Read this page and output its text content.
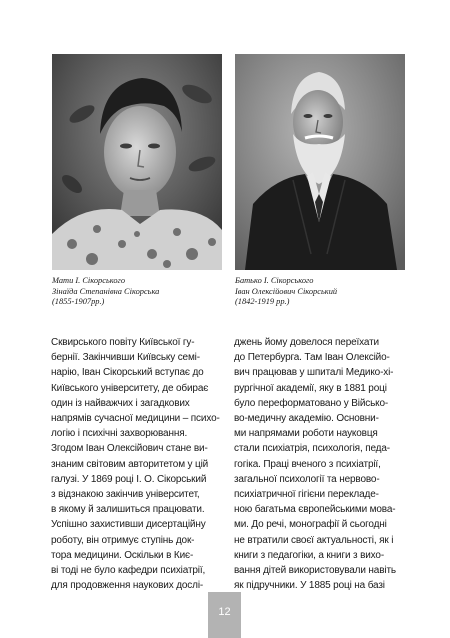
Мати І. Сікорського
Зінаїда Степанівна Сікорська
(1855-1907рр.)
Батько І. Сікорського
Іван Олексійович Сікорський
(1842-1919 рр.)
Сквирського повіту Київської гу-
бернії. Закінчивши Київську семі-
нарію, Іван Сікорський вступає до
Київського університету, де обирає
один із найважчих і загадкових
напрямів сучасної медицини – психо-
логію і психічні захворювання.
Згодом Іван Олексійович стане ви-
знаним світовим авторитетом у цій
галузі. У 1869 році І. О. Сікорський
з відзнакою закінчив університет,
в якому й залишиться працювати.
Успішно захистивши дисертаційну
роботу, він отримує ступінь док-
тора медицини. Оскільки в Киє-
ві тоді не було кафедри психіатрії,
для продовження наукових дослі-
джень йому довелося переїхати
до Петербурга. Там Іван Олексійо-
вич працював у шпиталі Медико-хі-
рургічної академії, яку в 1881 році
було переформатовано у Військо-
во-медичну академію. Основни-
ми напрямами роботи науковця
стали психіатрія, психологія, педа-
гогіка. Праці вченого з психіатрії,
загальної психології та нервово-
психіатричної гігієни перекладе-
ною багатьма європейськими мова-
ми. До речі, монографії й сьогодні
не втратили своєї актуальності, як і
книги з педагогіки, а книги з вихо-
вання дітей використовували навіть
як підручники. У 1885 році на базі
12
